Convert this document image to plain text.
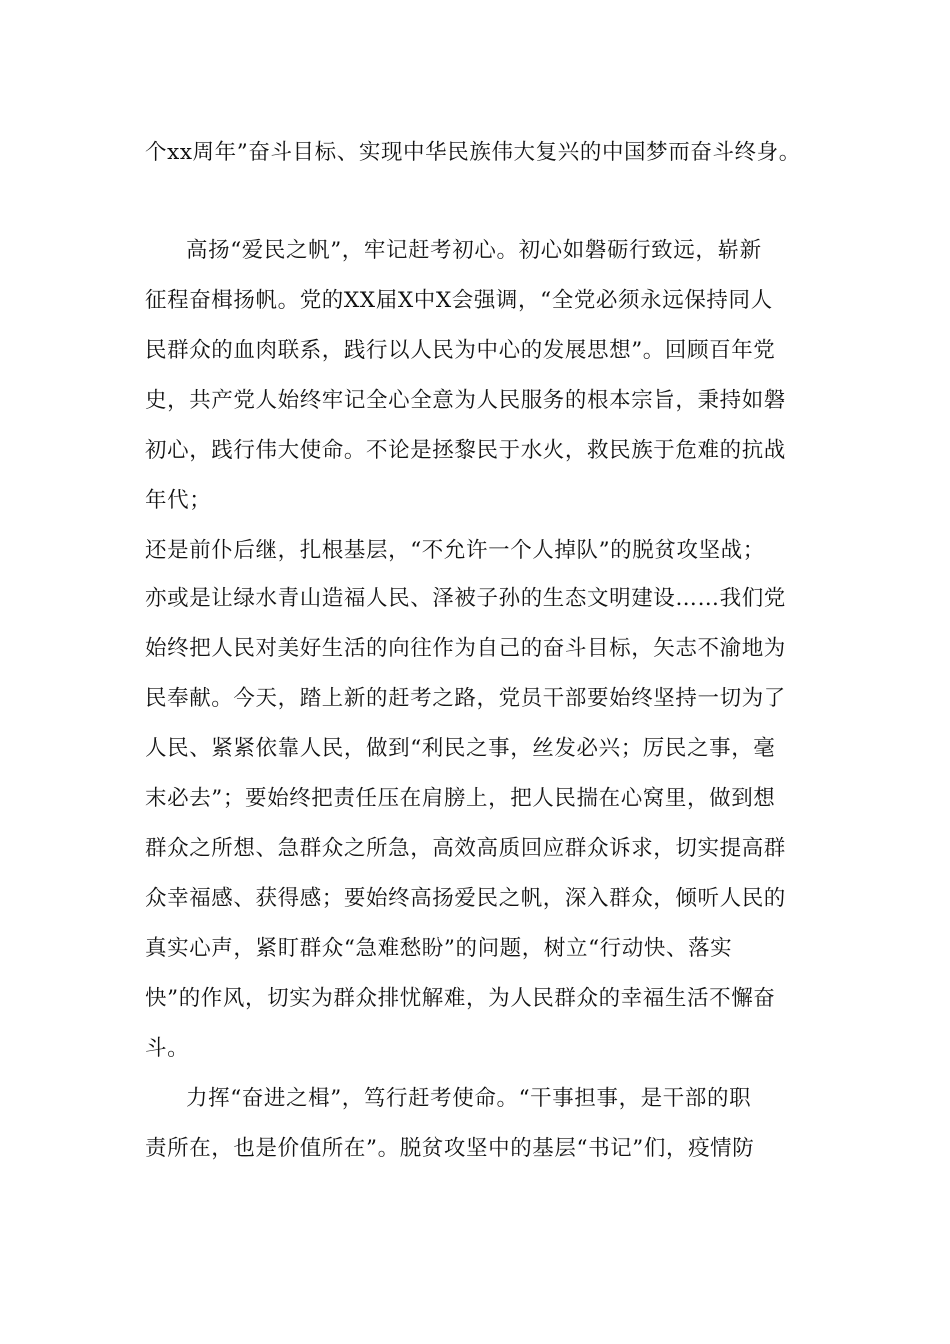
个xx周年”奋斗目标、实现中华民族伟大复兴的中国梦而奋斗终身。
高扬“爱民之帆”，牢记赶考初心。初心如磐砺行致远，崭新
征程奋楫扬帆。党的XX届X中X会强调，“全党必须永远保持同人
民群众的血肉联系，践行以人民为中心的发展思想”。回顾百年党
史，共产党人始终牢记全心全意为人民服务的根本宗旨，秉持如磐
初心，践行伟大使命。不论是拯黎民于水火，救民族于危难的抗战
年代；
还是前仆后继，扎根基层，“不允许一个人掉队”的脱贫攻坚战；
亦或是让绿水青山造福人民、泽被子孙的生态文明建设……我们党
始终把人民对美好生活的向往作为自己的奋斗目标，矢志不渝地为
民奉献。今天，踏上新的赶考之路，党员干部要始终坚持一切为了
人民、紧紧依靠人民，做到“利民之事，丝发必兴；厉民之事，毫
末必去”；要始终把责任压在肩膀上，把人民揣在心窝里，做到想
群众之所想、急群众之所急，高效高质回应群众诉求，切实提高群
众幸福感、获得感；要始终高扬爱民之帆，深入群众，倾听人民的
真实心声，紧盯群众“急难愁盼”的问题，树立“行动快、落实
快”的作风，切实为群众排忧解难，为人民群众的幸福生活不懈奋
斗。
力挥“奋进之楫”，笃行赶考使命。“干事担事，是干部的职
责所在，也是价值所在”。脱贫攻坚中的基层“书记”们，疫情防
